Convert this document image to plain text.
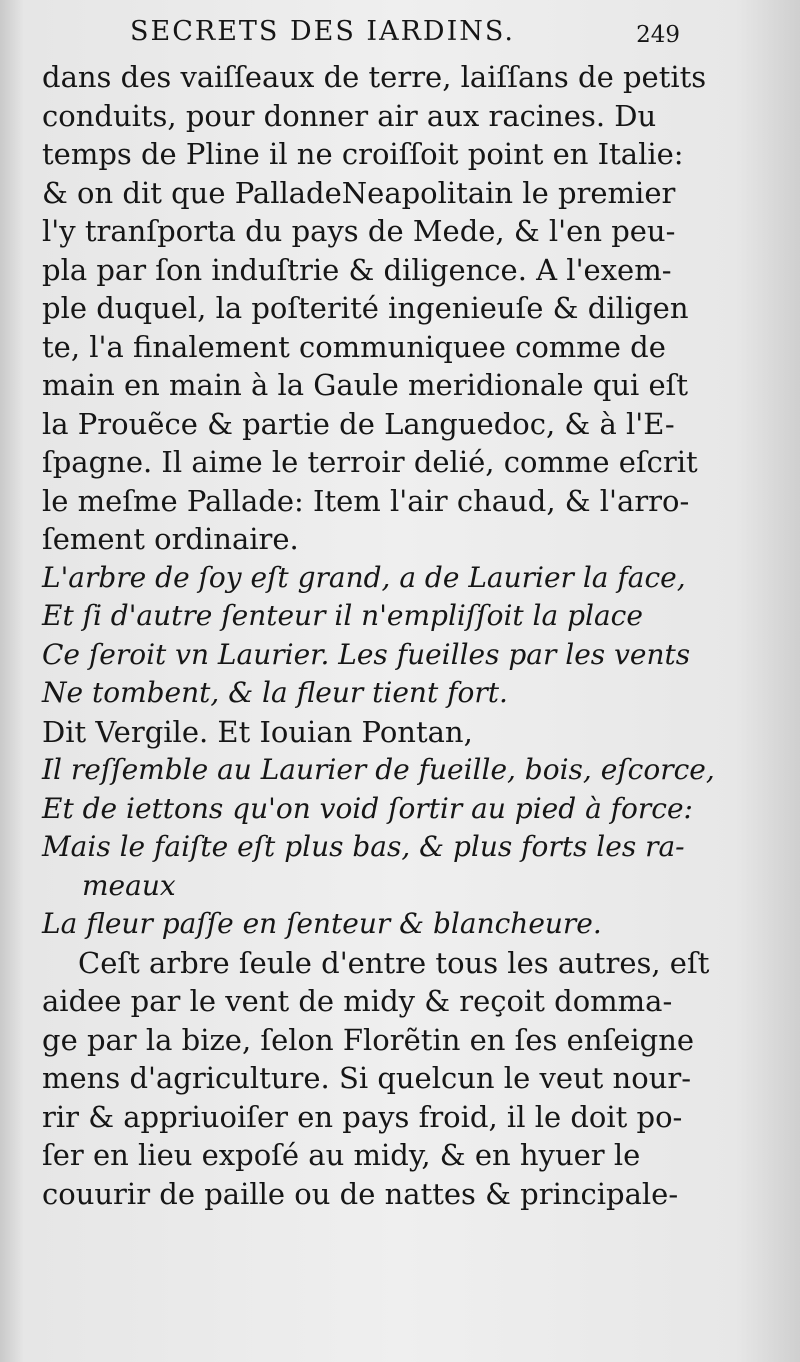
SECRETS DES IARDINS.	249
dans des vaiſſeaux de terre, laiſſans de petits
conduits, pour donner air aux racines. Du
temps de Pline il ne croiſſoit point en Italie:
& on dit que PalladeNeapolitain le premier
l'y tranſporta du pays de Mede, & l'en peu-
pla par ſon induſtrie & diligence. A l'exem-
ple duquel, la poſterité ingenieuſe & diligen
te, l'a finalement communiquee comme de
main en main à la Gaule meridionale qui eſt
la Prouẽce & partie de Languedoc, & à l'E-
ſpagne. Il aime le terroir delié, comme eſcrit
le meſme Pallade: Item l'air chaud, & l'arro-
ſement ordinaire.
L'arbre de ſoy eſt grand, a de Laurier la face,
Et ſi d'autre ſenteur il n'empliſſoit la place
Ce ſeroit vn Laurier. Les fueilles par les vents
Ne tombent, & la fleur tient fort.
Dit Vergile. Et Iouian Pontan,
Il reſſemble au Laurier de fueille, bois, eſcorce,
Et de iettons qu'on void ſortir au pied à force:
Mais le faiſte eſt plus bas, & plus forts les ra-
meaux
La fleur paſſe en ſenteur & blancheure.
Ceſt arbre ſeule d'entre tous les autres, eſt
aidee par le vent de midy & reçoit domma-
ge par la bize, ſelon Florẽtin en ſes enſeigne
mens d'agriculture. Si quelcun le veut nour-
rir & appriuoiſer en pays froid, il le doit po-
ſer en lieu expoſé au midy, & en hyuer le
couurir de paille ou de nattes & principale-
